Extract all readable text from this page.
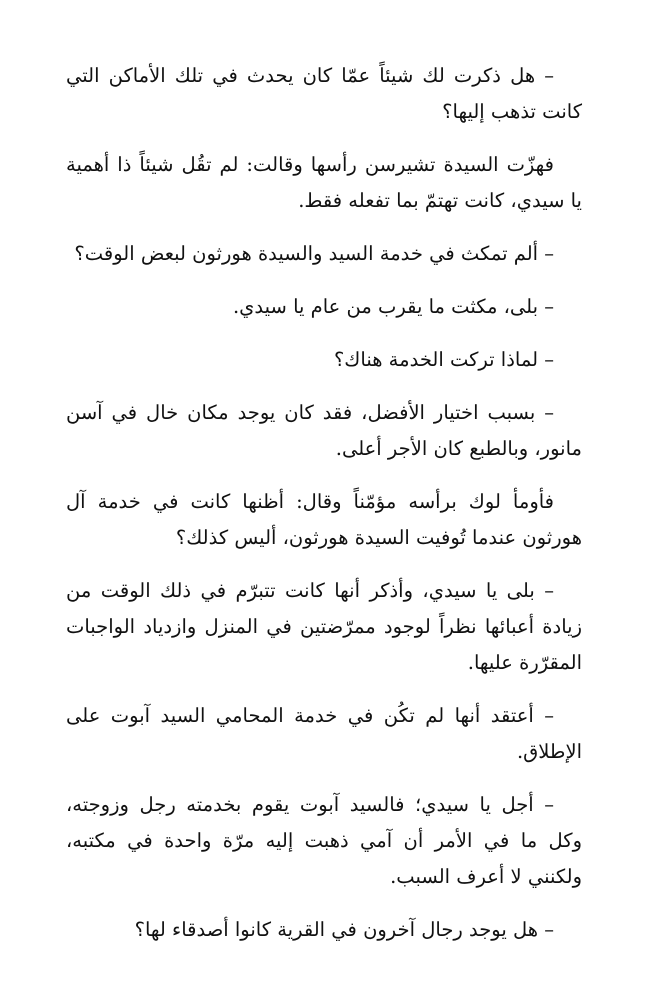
– هل ذكرت لك شيئاً عمّا كان يحدث في تلك الأماكن التي كانت تذهب إليها؟

فهزّت السيدة تشيرسن رأسها وقالت: لم تقُل شيئاً ذا أهمية يا سيدي، كانت تهتمّ بما تفعله فقط.

– ألم تمكث في خدمة السيد والسيدة هورثون لبعض الوقت؟

– بلى، مكثت ما يقرب من عام يا سيدي.

– لماذا تركت الخدمة هناك؟

– بسبب اختيار الأفضل، فقد كان يوجد مكان خال في آسن مانور، وبالطبع كان الأجر أعلى.

فأومأ لوك برأسه مؤمّناً وقال: أظنها كانت في خدمة آل هورثون عندما تُوفيت السيدة هورثون، أليس كذلك؟

– بلى يا سيدي، وأذكر أنها كانت تتبرّم في ذلك الوقت من زيادة أعبائها نظراً لوجود ممرّضتين في المنزل وازدياد الواجبات المقرّرة عليها.

– أعتقد أنها لم تكُن في خدمة المحامي السيد آبوت على الإطلاق.

– أجل يا سيدي؛ فالسيد آبوت يقوم بخدمته رجل وزوجته، وكل ما في الأمر أن آمي ذهبت إليه مرّة واحدة في مكتبه، ولكنني لا أعرف السبب.

– هل يوجد رجال آخرون في القرية كانوا أصدقاء لها؟
